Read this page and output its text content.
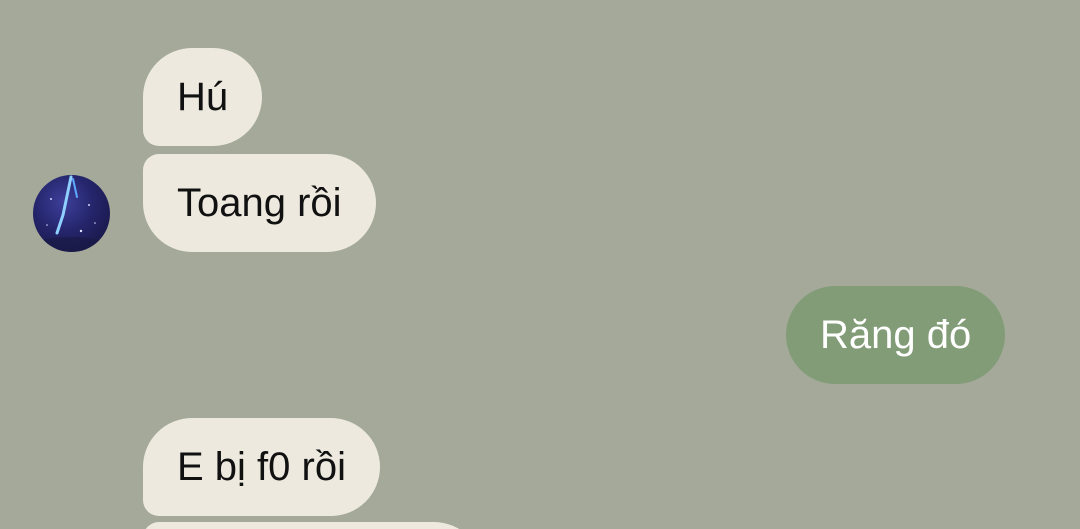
Hú
Toang rồi
Răng đó
E bị f0 rồi
